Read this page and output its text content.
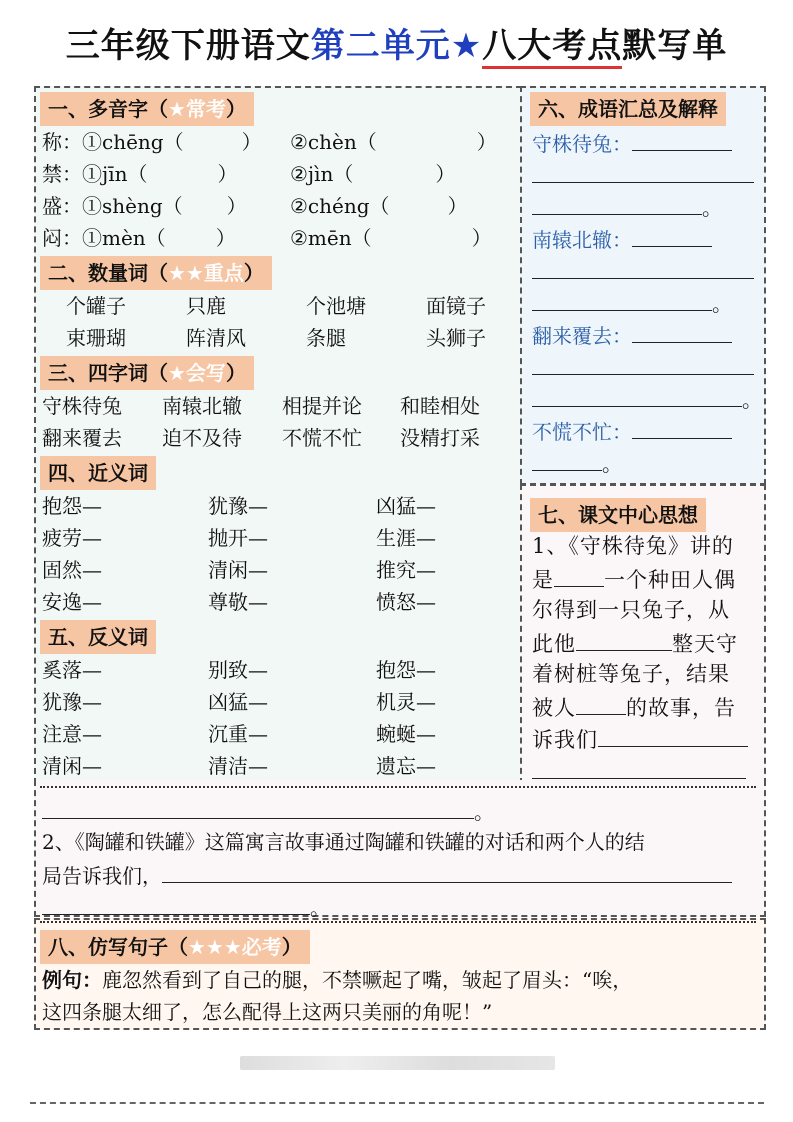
三年级下册语文第二单元★八大考点默写单
一、多音字（★常考）
称：①chēng（	） ②chèn（	）
禁：①jīn（	）	②jìn（	）
盛：①shèng（ ） ②chéng（	）
闷：①mèn（	）	②mēn（	）
二、数量词（★★重点）
个罐子	只鹿	个池塘	面镜子
束珊瑚	阵清风	条腿	头狮子
三、四字词（★会写）
守株待兔 南辕北辙 相提并论 和睦相处
翻来覆去 迫不及待 不慌不忙 没精打采
四、近义词
抱怨—	犹豫—	凶猛—
疲劳—	抛开—	生涯—
固然—	清闲—	推究—
安逸—	尊敬—	愤怒—
五、反义词
奚落—	别致—	抱怨—
犹豫—	凶猛—	机灵—
注意—	沉重—	蜿蜒—
清闲—	清洁—	遗忘—
六、成语汇总及解释
守株待兔：
。
南辕北辙：
。
翻来覆去：
。
不慌不忙：
。
七、课文中心思想
1、《守株待兔》讲的
是 一个种田人偶
尔得到一只兔子，从
此他	整天守
着树桩等兔子，结果
被人 的故事，告
诉我们
。
2、《陶罐和铁罐》这篇寓言故事通过陶罐和铁罐的对话和两个人的结
局告诉我们，
。
八、仿写句子（★★★必考）
例句：鹿忽然看到了自己的腿，不禁噘起了嘴，皱起了眉头：“唉，
这四条腿太细了，怎么配得上这两只美丽的角呢！”
